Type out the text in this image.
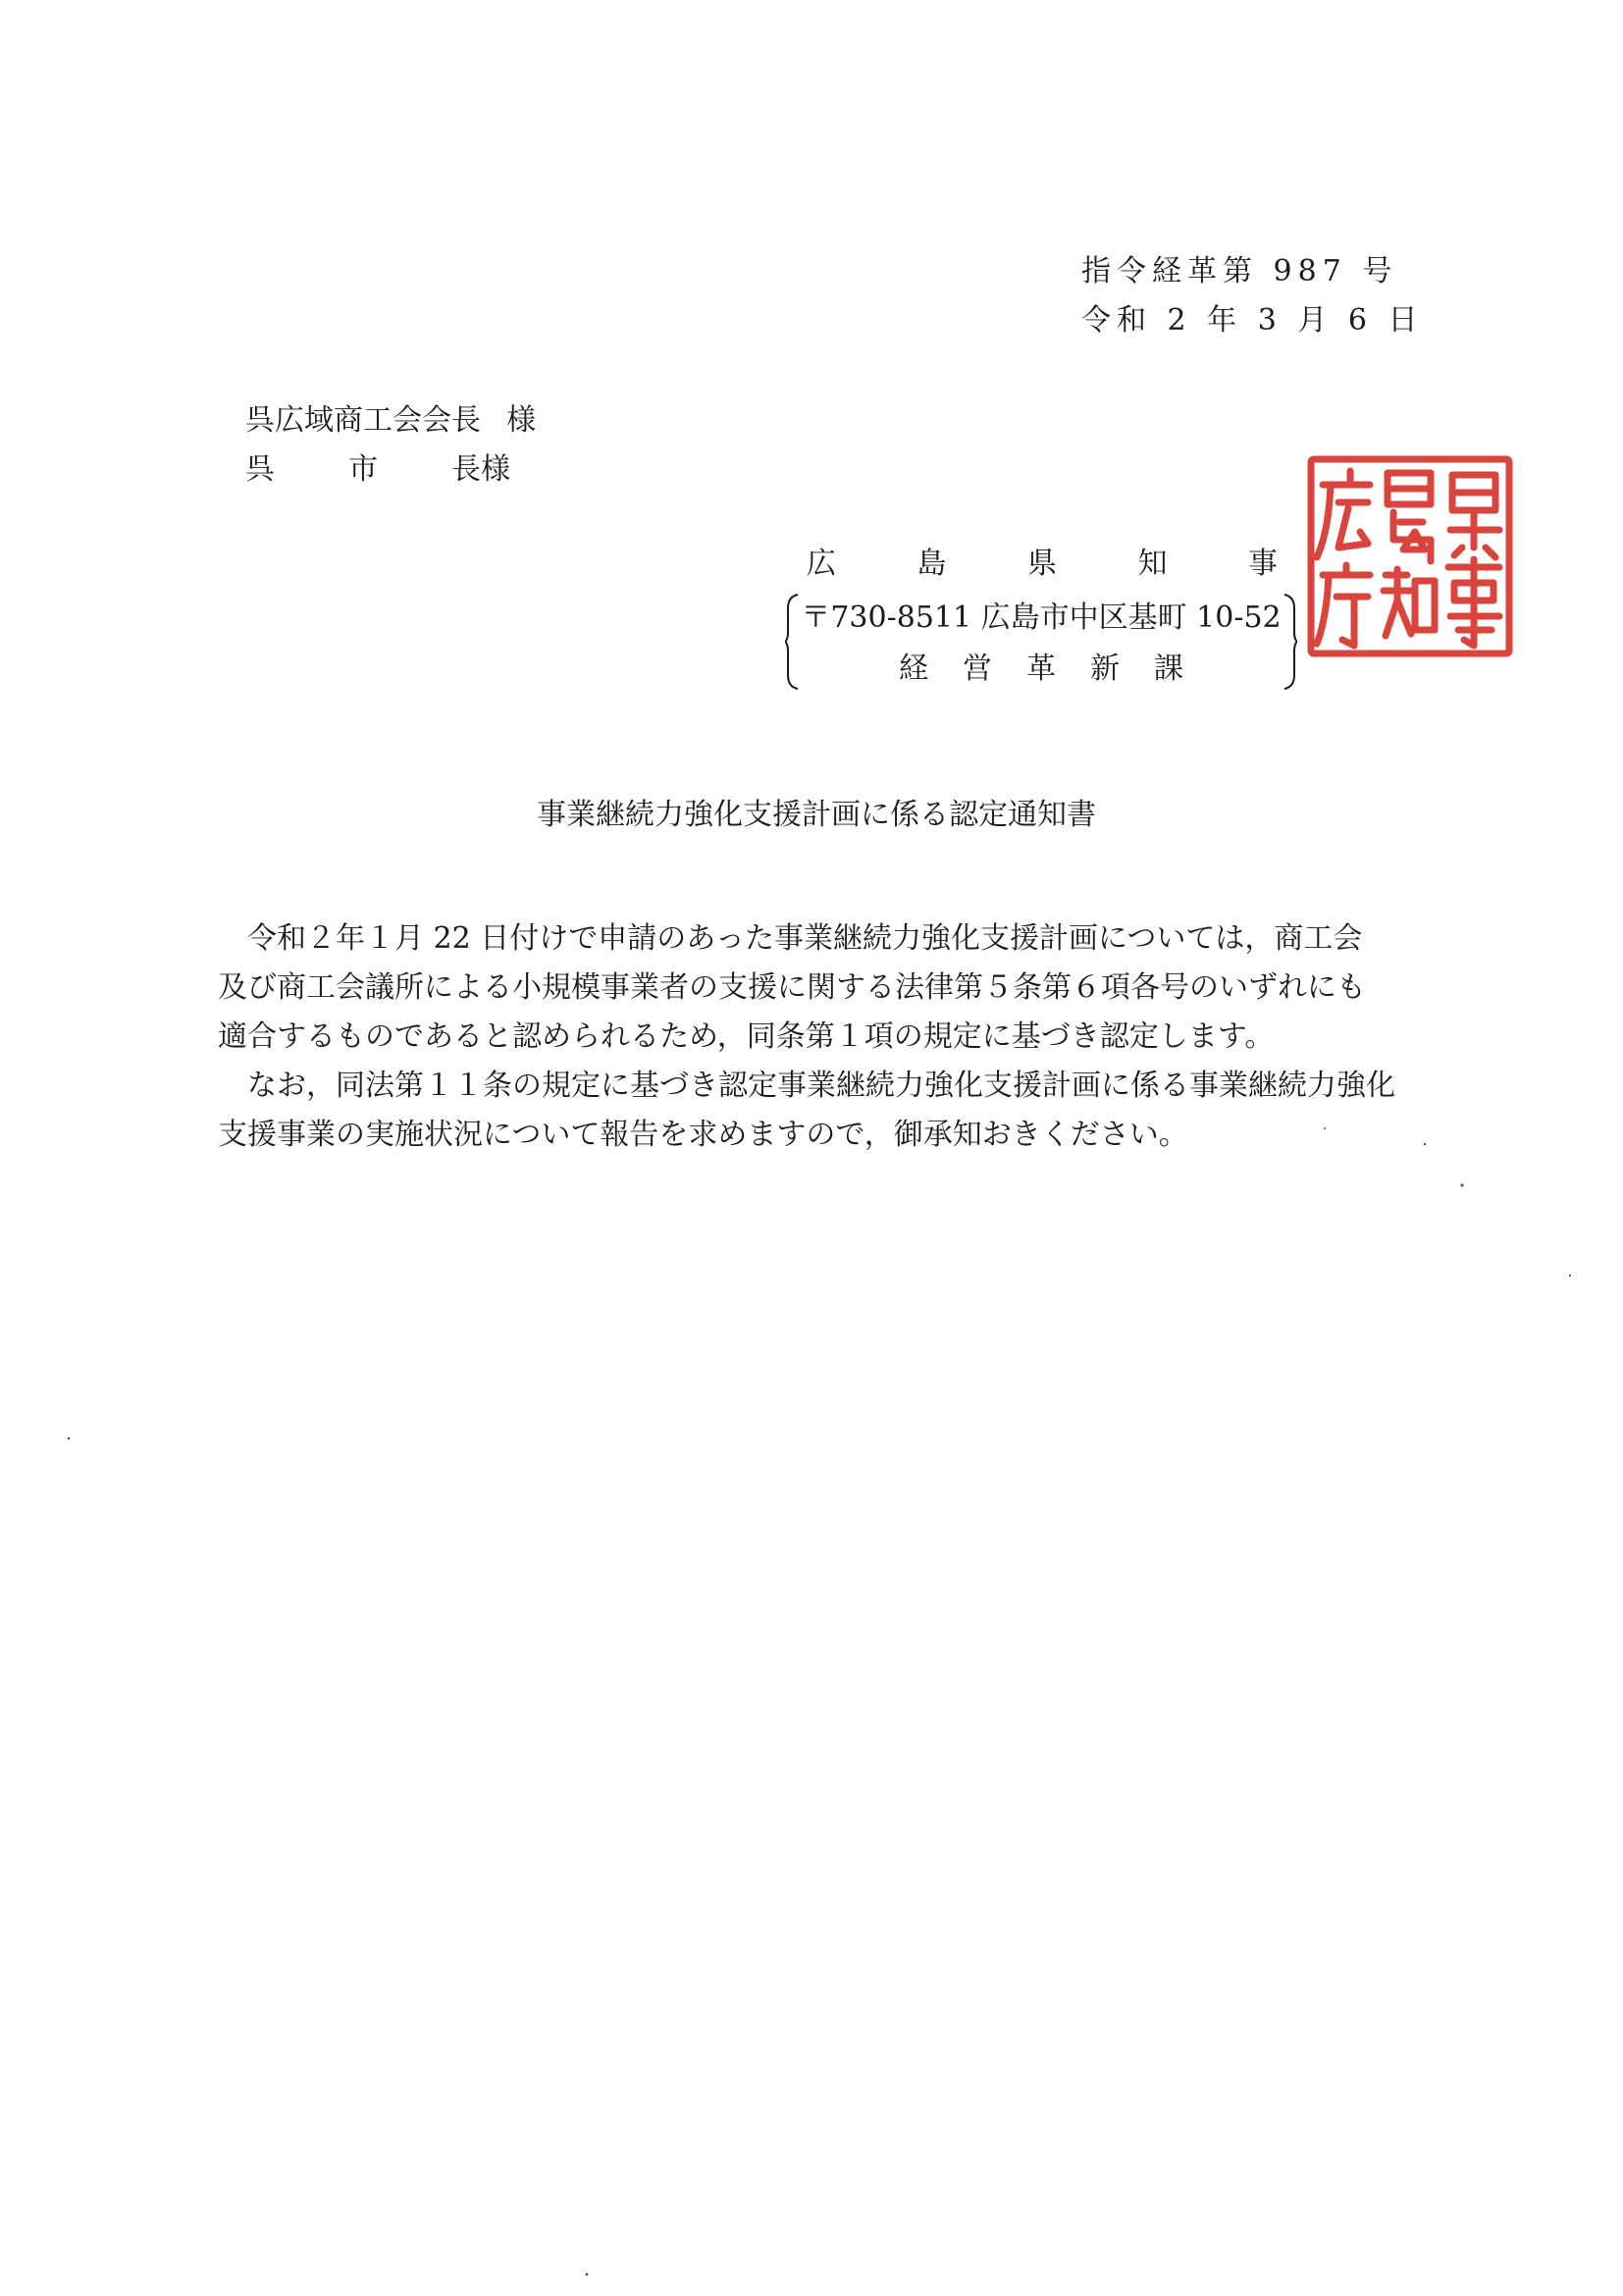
指令経革第 987 号
令和 2 年 3 月 6 日
呉広域商工会会長 様
呉	市	長 様
広	島	県	知	事
〒730-8511 広島市中区基町 10-52
経 営 革 新 課
事業継続力強化支援計画に係る認定通知書
令和２年１月 22 日付けで申請のあった事業継続力強化支援計画については，商工会
及び商工会議所による小規模事業者の支援に関する法律第５条第６項各号のいずれにも
適合するものであると認められるため，同条第１項の規定に基づき認定します。
なお，同法第１１条の規定に基づき認定事業継続力強化支援計画に係る事業継続力強化
支援事業の実施状況について報告を求めますので，御承知おきください。
